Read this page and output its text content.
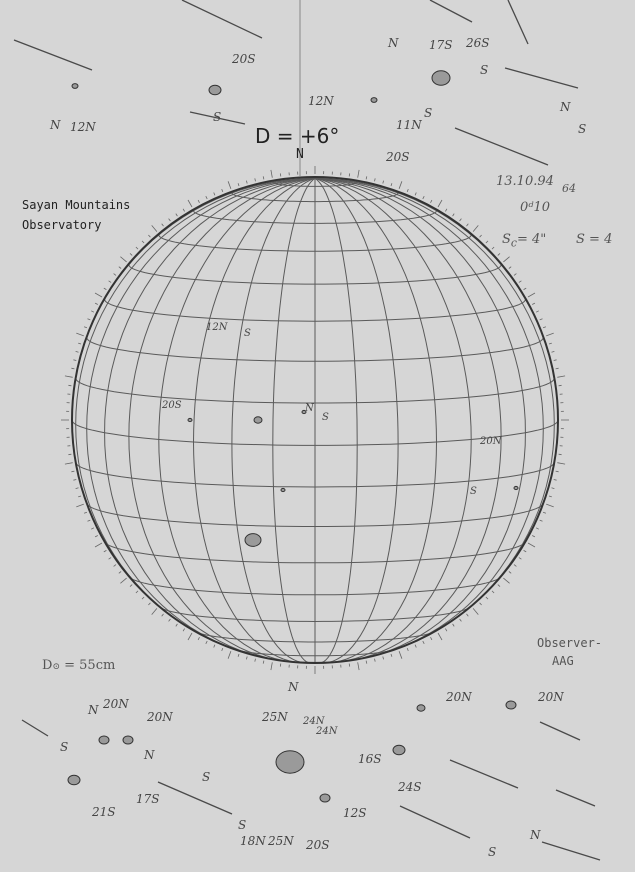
D = +6°
N
Sayan Mountains
Observatory
13.10.94 64
0ᵈ10
$S_c= 4$" S = 4
D⊙ = 55cm
Observer-
AAG
N 12N
20S
S
12N
N
11N
S
17S 26S
S
N
S
20S
12N
S
20S	N
S
20N
S
N 20N
20N
N
S
S
21S
17S
N
25N 24N
24N
18N 25N 20S
12S
16S
24S
S
20N	20N
N
S
